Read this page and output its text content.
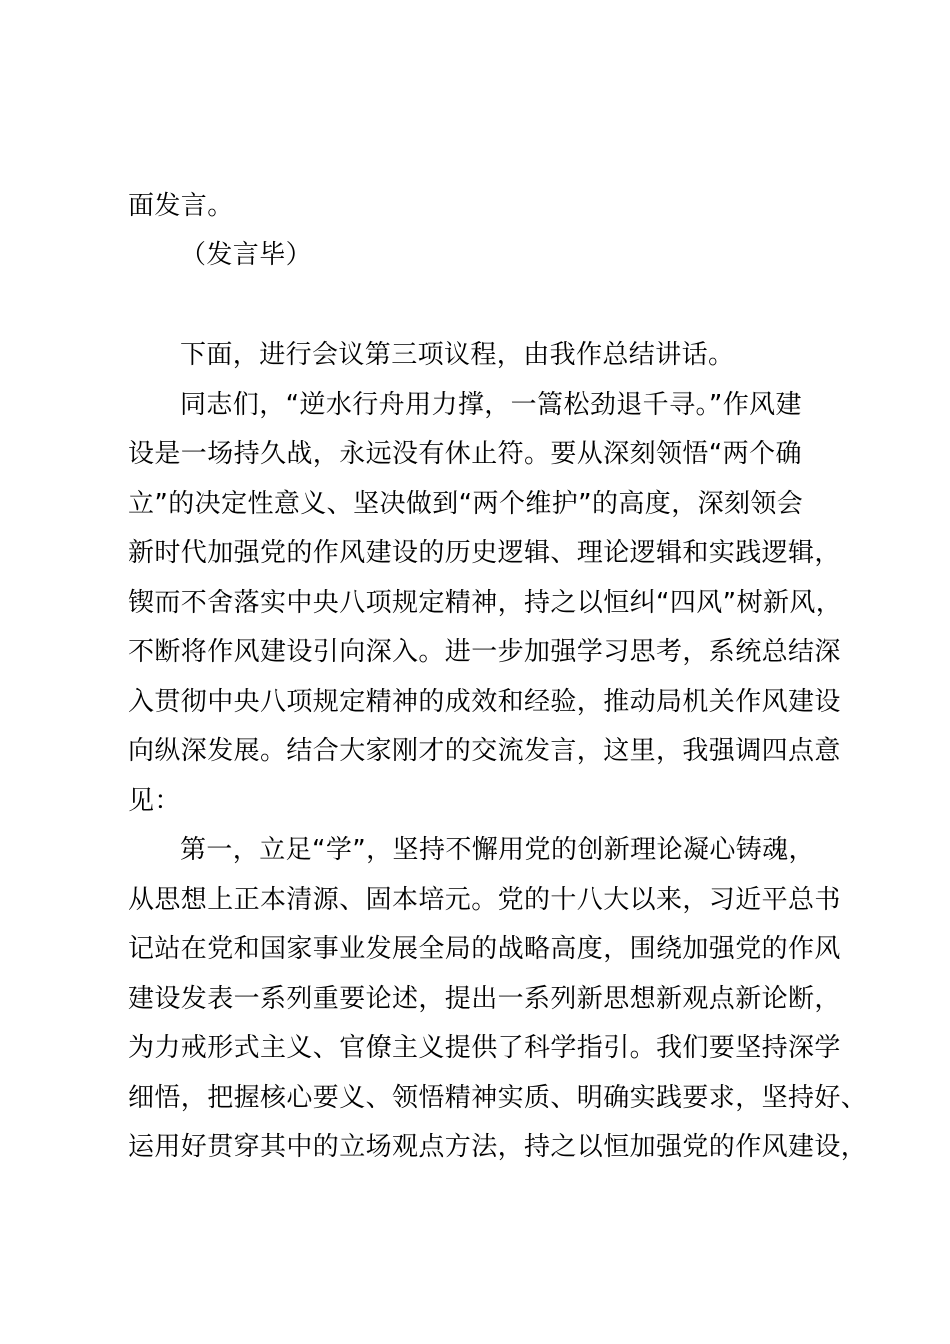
面发言。
（发言毕）
下面，进行会议第三项议程，由我作总结讲话。
同志们，“逆水行舟用力撑，一篙松劲退千寻。”作风建
设是一场持久战，永远没有休止符。要从深刻领悟“两个确
立”的决定性意义、坚决做到“两个维护”的高度，深刻领会
新时代加强党的作风建设的历史逻辑、理论逻辑和实践逻辑，
锲而不舍落实中央八项规定精神，持之以恒纠“四风”树新风，
不断将作风建设引向深入。进一步加强学习思考，系统总结深
入贯彻中央八项规定精神的成效和经验，推动局机关作风建设
向纵深发展。结合大家刚才的交流发言，这里，我强调四点意
见：
第一，立足“学”，坚持不懈用党的创新理论凝心铸魂，
从思想上正本清源、固本培元。党的十八大以来，习近平总书
记站在党和国家事业发展全局的战略高度，围绕加强党的作风
建设发表一系列重要论述，提出一系列新思想新观点新论断，
为力戒形式主义、官僚主义提供了科学指引。我们要坚持深学
细悟，把握核心要义、领悟精神实质、明确实践要求，坚持好、
运用好贯穿其中的立场观点方法，持之以恒加强党的作风建设，
